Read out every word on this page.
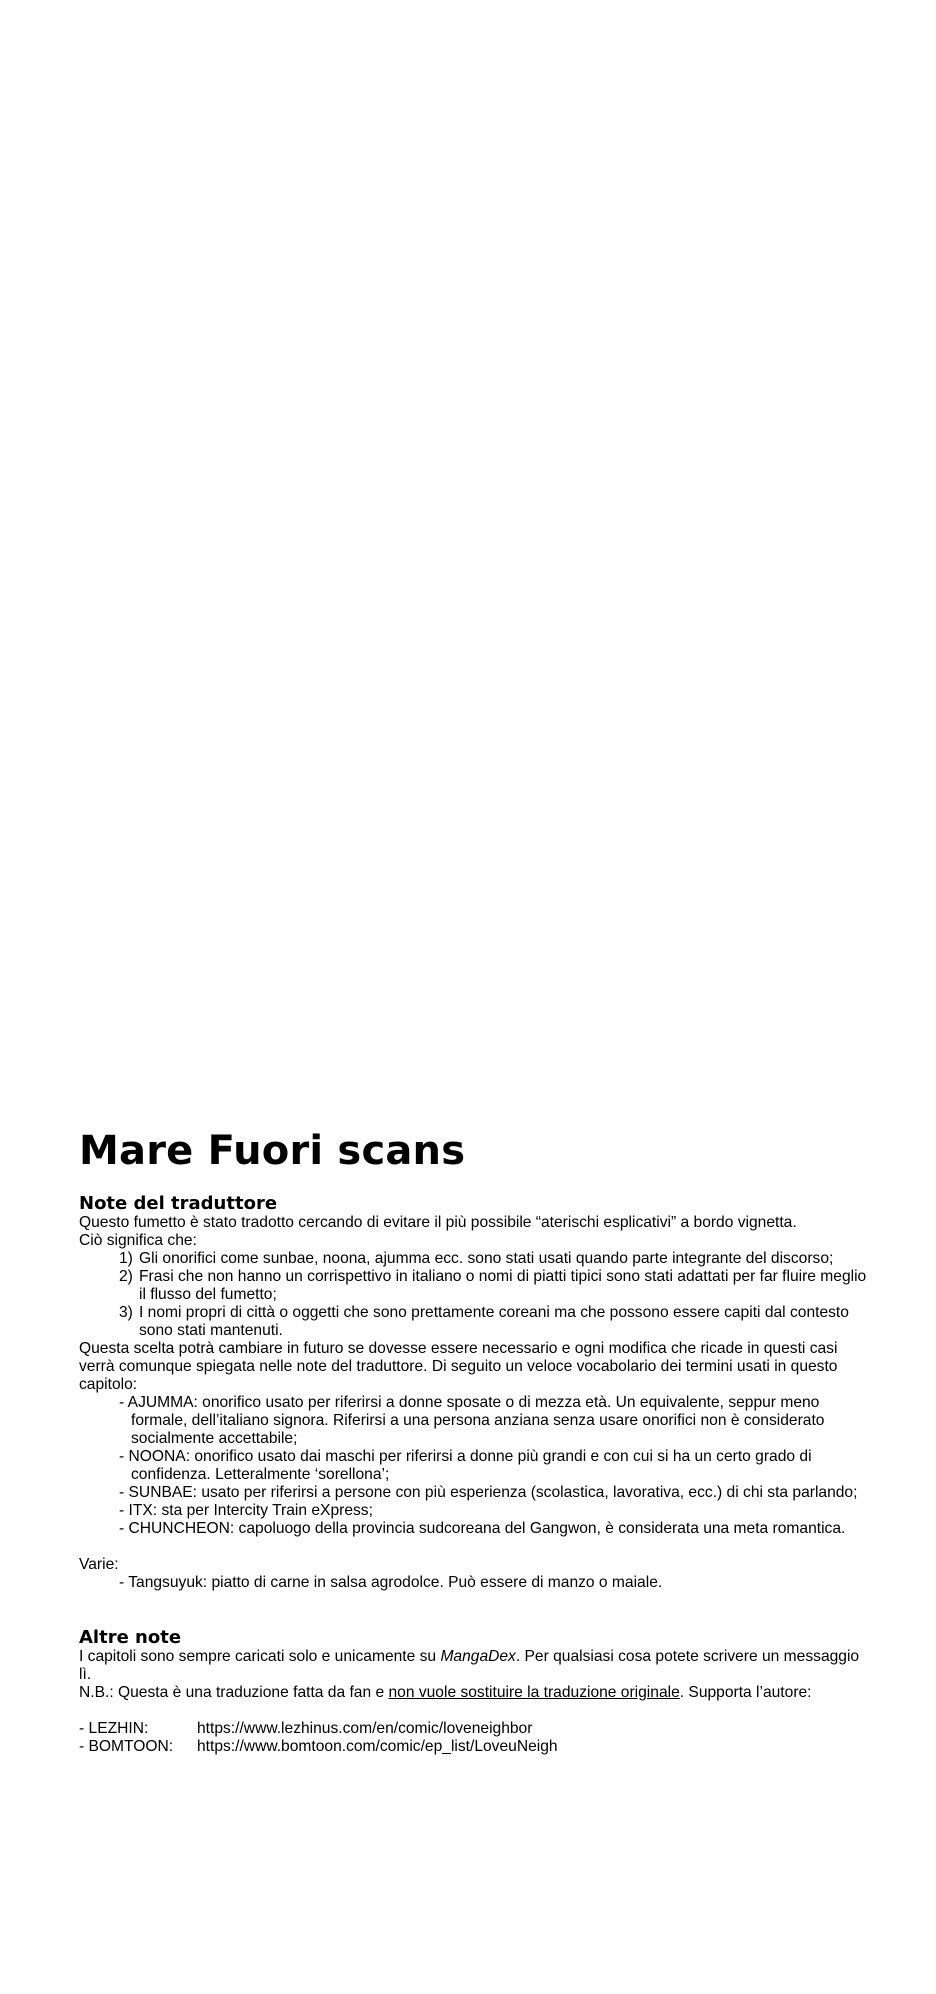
Mare Fuori scans
Note del traduttore

Questo fumetto è stato tradotto cercando di evitare il più possibile “aterischi esplicativi” a bordo vignetta.

Ciò significa che:

1) Gli onorifici come sunbae, noona, ajumma ecc. sono stati usati quando parte integrante del discorso;
2) Frasi che non hanno un corrispettivo in italiano o nomi di piatti tipici sono stati adattati per far fluire meglio il flusso del fumetto;
3) I nomi propri di città o oggetti che sono prettamente coreani ma che possono essere capiti dal contesto sono stati mantenuti.

Questa scelta potrà cambiare in futuro se dovesse essere necessario e ogni modifica che ricade in questi casi verrà comunque spiegata nelle note del traduttore. Di seguito un veloce vocabolario dei termini usati in questo capitolo:

- AJUMMA: onorifico usato per riferirsi a donne sposate o di mezza età. Un equivalente, seppur meno formale, dell’italiano signora. Riferirsi a una persona anziana senza usare onorifici non è considerato socialmente accettabile;
- NOONA: onorifico usato dai maschi per riferirsi a donne più grandi e con cui si ha un certo grado di confidenza. Letteralmente ‘sorellona’;
- SUNBAE: usato per riferirsi a persone con più esperienza (scolastica, lavorativa, ecc.) di chi sta parlando;
- ITX: sta per Intercity Train eXpress;
- CHUNCHEON: capoluogo della provincia sudcoreana del Gangwon, è considerata una meta romantica.

Varie:

- Tangsuyuk: piatto di carne in salsa agrodolce. Può essere di manzo o maiale.
Altre note

I capitoli sono sempre caricati solo e unicamente su MangaDex. Per qualsiasi cosa potete scrivere un messaggio lì.

N.B.: Questa è una traduzione fatta da fan e non vuole sostituire la traduzione originale. Supporta l’autore:

- LEZHIN:	https://www.lezhinus.com/en/comic/loveneighbor
- BOMTOON:	https://www.bomtoon.com/comic/ep_list/LoveuNeigh
